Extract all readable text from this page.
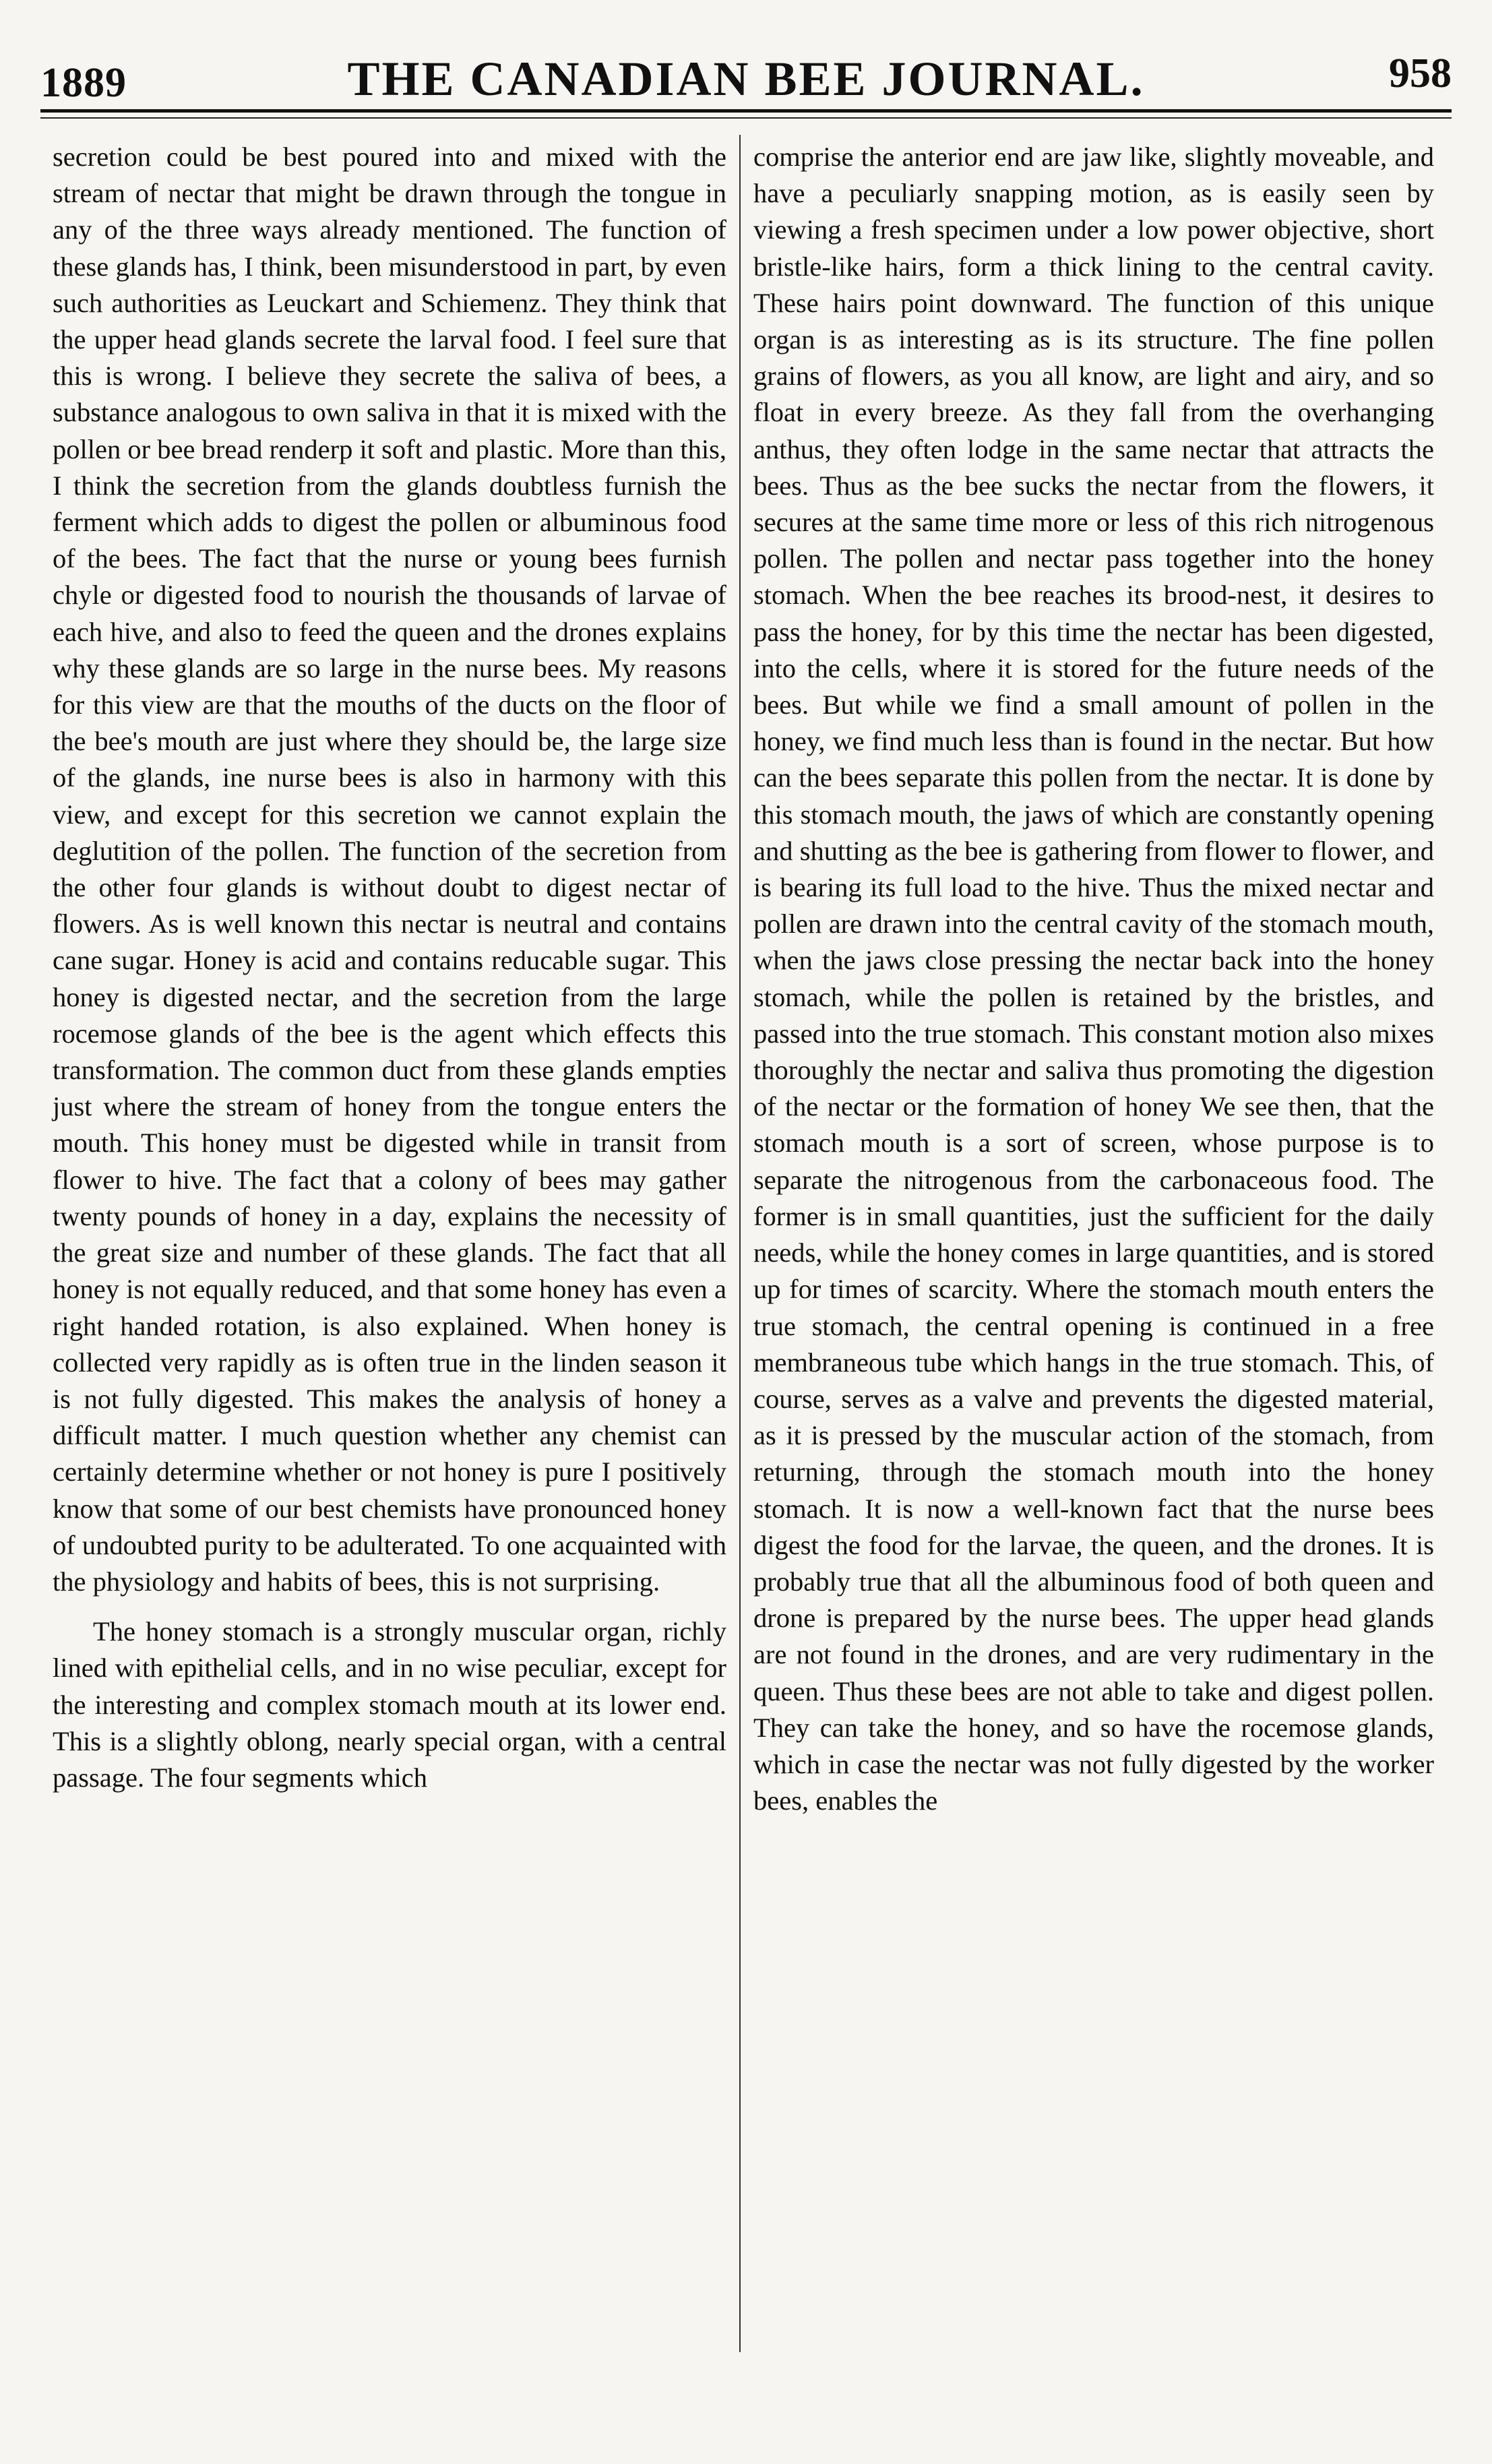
1889	THE CANADIAN BEE JOURNAL.	958

secretion could be best poured into and mixed with the stream of nectar that might be drawn through the tongue in any of the three ways already mentioned. The function of these glands has, I think, been misunderstood in part, by even such authorities as Leuckart and Schiemenz. They think that the upper head glands secrete the larval food. I feel sure that this is wrong. I believe they secrete the saliva of bees, a substance analogous to own saliva in that it is mixed with the pollen or bee bread renderp it soft and plastic. More than this, I think the secretion from the glands doubtless furnish the ferment which adds to digest the pollen or albuminous food of the bees. The fact that the nurse or young bees furnish chyle or digested food to nourish the thousands of larvae of each hive, and also to feed the queen and the drones explains why these glands are so large in the nurse bees. My reasons for this view are that the mouths of the ducts on the floor of the bee's mouth are just where they should be, the large size of the glands, ine nurse bees is also in harmony with this view, and except for this secretion we cannot explain the deglutition of the pollen. The function of the secretion from the other four glands is without doubt to digest nectar of flowers. As is well known this nectar is neutral and contains cane sugar. Honey is acid and contains reducable sugar. This honey is digested nectar, and the secretion from the large rocemose glands of the bee is the agent which effects this transformation. The common duct from these glands empties just where the stream of honey from the tongue enters the mouth. This honey must be digested while in transit from flower to hive. The fact that a colony of bees may gather twenty pounds of honey in a day, explains the necessity of the great size and number of these glands. The fact that all honey is not equally reduced, and that some honey has even a right handed rotation, is also explained. When honey is collected very rapidly as is often true in the linden season it is not fully digested. This makes the analysis of honey a difficult matter. I much question whether any chemist can certainly determine whether or not honey is pure I positively know that some of our best chemists have pronounced honey of undoubted purity to be adulterated. To one acquainted with the physiology and habits of bees, this is not surprising.

The honey stomach is a strongly muscular organ, richly lined with epithelial cells, and in no wise peculiar, except for the interesting and complex stomach mouth at its lower end. This is a slightly oblong, nearly special organ, with a central passage. The four segments which

comprise the anterior end are jaw like, slightly moveable, and have a peculiarly snapping motion, as is easily seen by viewing a fresh specimen under a low power objective, short bristle-like hairs, form a thick lining to the central cavity. These hairs point downward. The function of this unique organ is as interesting as is its structure. The fine pollen grains of flowers, as you all know, are light and airy, and so float in every breeze. As they fall from the overhanging anthus, they often lodge in the same nectar that attracts the bees. Thus as the bee sucks the nectar from the flowers, it secures at the same time more or less of this rich nitrogenous pollen. The pollen and nectar pass together into the honey stomach. When the bee reaches its brood-nest, it desires to pass the honey, for by this time the nectar has been digested, into the cells, where it is stored for the future needs of the bees. But while we find a small amount of pollen in the honey, we find much less than is found in the nectar. But how can the bees separate this pollen from the nectar. It is done by this stomach mouth, the jaws of which are constantly opening and shutting as the bee is gathering from flower to flower, and is bearing its full load to the hive. Thus the mixed nectar and pollen are drawn into the central cavity of the stomach mouth, when the jaws close pressing the nectar back into the honey stomach, while the pollen is retained by the bristles, and passed into the true stomach. This constant motion also mixes thoroughly the nectar and saliva thus promoting the digestion of the nectar or the formation of honey We see then, that the stomach mouth is a sort of screen, whose purpose is to separate the nitrogenous from the carbonaceous food. The former is in small quantities, just the sufficient for the daily needs, while the honey comes in large quantities, and is stored up for times of scarcity. Where the stomach mouth enters the true stomach, the central opening is continued in a free membraneous tube which hangs in the true stomach. This, of course, serves as a valve and prevents the digested material, as it is pressed by the muscular action of the stomach, from returning, through the stomach mouth into the honey stomach. It is now a well-known fact that the nurse bees digest the food for the larvae, the queen, and the drones. It is probably true that all the albuminous food of both queen and drone is prepared by the nurse bees. The upper head glands are not found in the drones, and are very rudimentary in the queen. Thus these bees are not able to take and digest pollen. They can take the honey, and so have the rocemose glands, which in case the nectar was not fully digested by the worker bees, enables the
